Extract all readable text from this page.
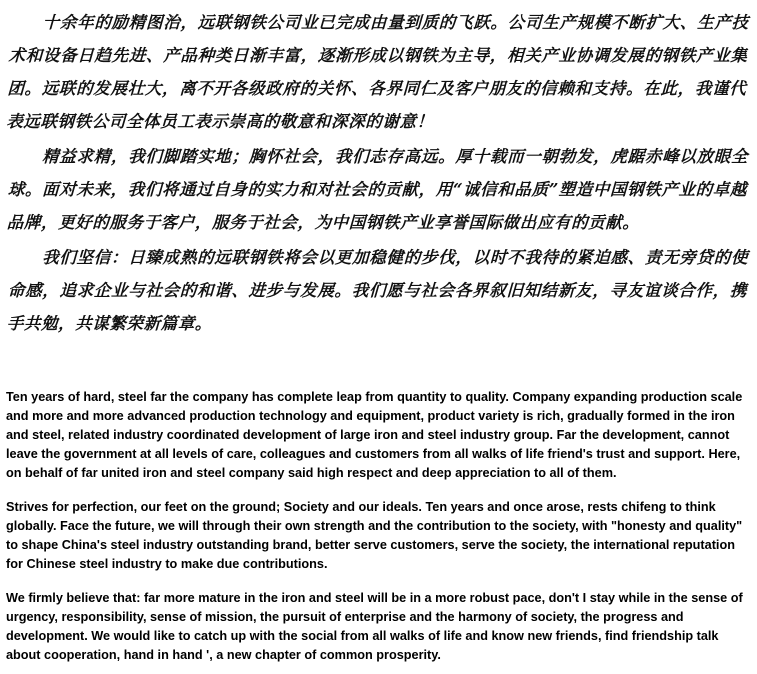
十余年的励精图治，远联钢铁公司业已完成由量到质的飞跃。公司生产规模不断扩大、生产技术和设备日趋先进、产品种类日渐丰富，逐渐形成以钢铁为主导，相关产业协调发展的钢铁产业集团。远联的发展壮大，离不开各级政府的关怀、各界同仁及客户朋友的信赖和支持。在此，我谨代表远联钢铁公司全体员工表示崇高的敬意和深深的谢意！

精益求精，我们脚踏实地；胸怀社会，我们志存高远。厚十载而一朝勃发，虎踞赤峰以放眼全球。面对未来，我们将通过自身的实力和对社会的贡献，用“诚信和品质”塑造中国钢铁产业的卓越品牌，更好的服务于客户，服务于社会，为中国钢铁产业享誉国际做出应有的贡献。

我们坚信：日臻成熟的远联钢铁将会以更加稳健的步伐，以时不我待的紧迫感、责无旁贷的使命感，追求企业与社会的和谐、进步与发展。我们愿与社会各界叙旧知结新友，寻友谊谈合作，携手共勉，共谋繁荣新篇章。

Ten years of hard, steel far the company has complete leap from quantity to quality. Company expanding production scale and more and more advanced production technology and equipment, product variety is rich, gradually formed in the iron and steel, related industry coordinated development of large iron and steel industry group. Far the development, cannot leave the government at all levels of care, colleagues and customers from all walks of life friend's trust and support. Here, on behalf of far united iron and steel company said high respect and deep appreciation to all of them.

Strives for perfection, our feet on the ground; Society and our ideals. Ten years and once arose, rests chifeng to think globally. Face the future, we will through their own strength and the contribution to the society, with "honesty and quality" to shape China's steel industry outstanding brand, better serve customers, serve the society, the international reputation for Chinese steel industry to make due contributions.

We firmly believe that: far more mature in the iron and steel will be in a more robust pace, don't I stay while in the sense of urgency, responsibility, sense of mission, the pursuit of enterprise and the harmony of society, the progress and development. We would like to catch up with the social from all walks of life and know new friends, find friendship talk about cooperation, hand in hand ', a new chapter of common prosperity.
